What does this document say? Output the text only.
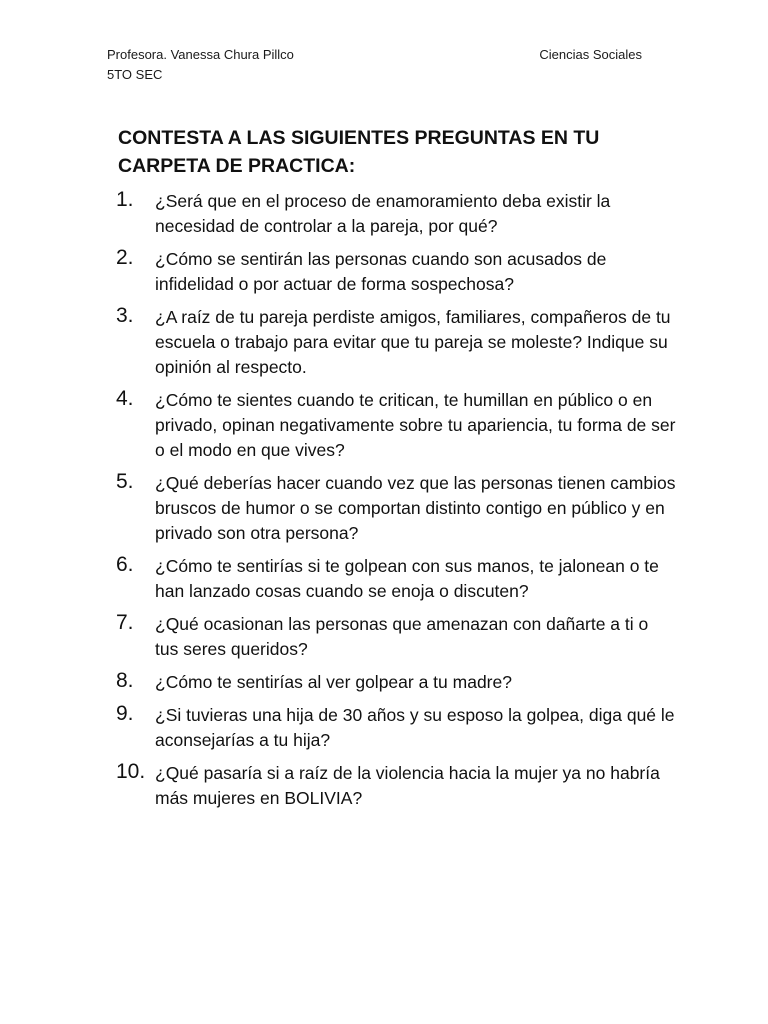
Profesora. Vanessa Chura Pillco
5TO SEC
Ciencias Sociales
CONTESTA A LAS SIGUIENTES PREGUNTAS EN TU CARPETA DE PRACTICA:
1.	¿Será que en el proceso de enamoramiento deba existir la necesidad de controlar a la pareja, por qué?
2.	¿Cómo se sentirán las personas cuando son acusados de infidelidad o por actuar de forma sospechosa?
3.	¿A raíz de tu pareja perdiste amigos, familiares, compañeros de tu escuela o trabajo para evitar que tu pareja se moleste? Indique su opinión al respecto.
4.	¿Cómo te sientes cuando te critican, te humillan en público o en privado, opinan negativamente sobre tu apariencia, tu forma de ser o el modo en que vives?
5.	¿Qué deberías hacer cuando vez que las personas tienen cambios bruscos de humor o se comportan distinto contigo en público y en privado son otra persona?
6.	¿Cómo te sentirías si te golpean con sus manos, te jalonean o te han lanzado cosas cuando se enoja o discuten?
7.	¿Qué ocasionan las personas que amenazan con dañarte a ti o tus seres queridos?
8.	¿Cómo te sentirías al ver golpear a tu madre?
9.	¿Si tuvieras una hija de 30 años y su esposo la golpea, diga qué le aconsejarías a tu hija?
10. ¿Qué pasaría si a raíz de la violencia hacia la mujer ya no habría más mujeres en BOLIVIA?
